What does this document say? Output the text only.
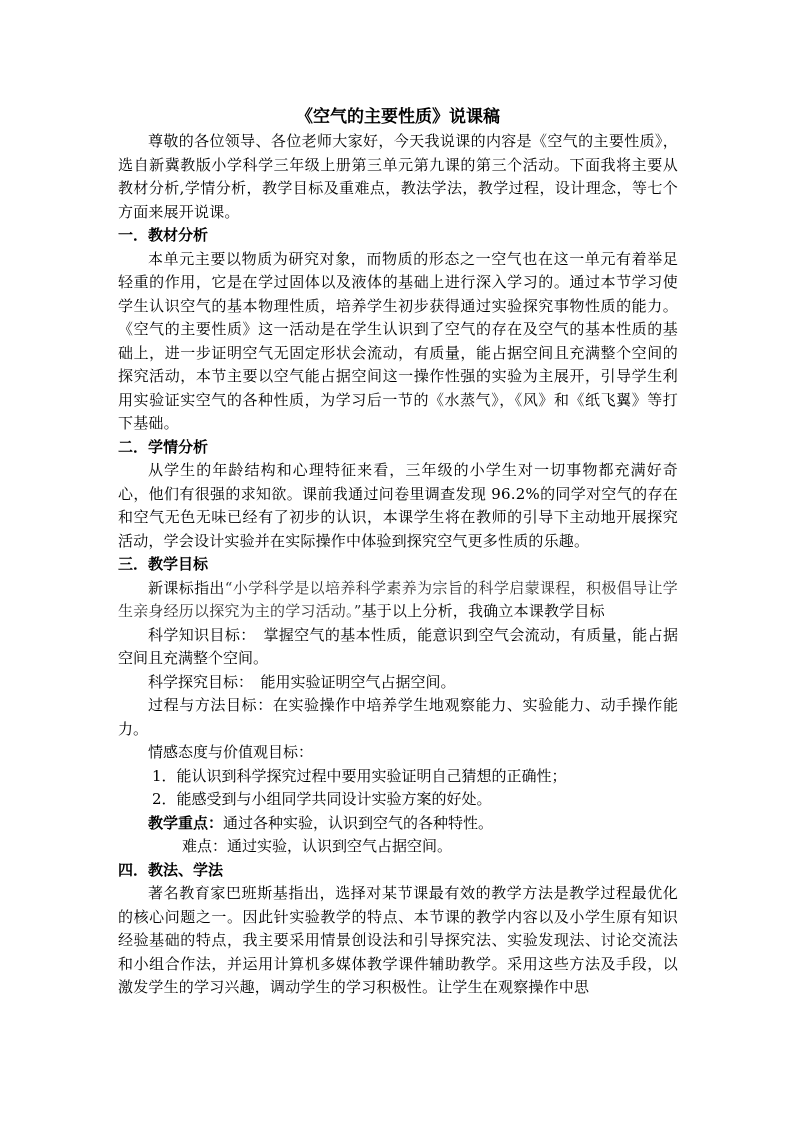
《空气的主要性质》说课稿

尊敬的各位领导、各位老师大家好，今天我说课的内容是《空气的主要性质》，选自新冀教版小学科学三年级上册第三单元第九课的第三个活动。下面我将主要从教材分析,学情分析，教学目标及重难点，教法学法，教学过程，设计理念，等七个方面来展开说课。

一．教材分析

本单元主要以物质为研究对象，而物质的形态之一空气也在这一单元有着举足轻重的作用，它是在学过固体以及液体的基础上进行深入学习的。通过本节学习使学生认识空气的基本物理性质，培养学生初步获得通过实验探究事物性质的能力。《空气的主要性质》这一活动是在学生认识到了空气的存在及空气的基本性质的基础上，进一步证明空气无固定形状会流动，有质量，能占据空间且充满整个空间的探究活动，本节主要以空气能占据空间这一操作性强的实验为主展开，引导学生利用实验证实空气的各种性质，为学习后一节的《水蒸气》，《风》和《纸飞翼》等打下基础。

二．学情分析

从学生的年龄结构和心理特征来看，三年级的小学生对一切事物都充满好奇心，他们有很强的求知欲。课前我通过问卷里调查发现 96.2%的同学对空气的存在和空气无色无味已经有了初步的认识，本课学生将在教师的引导下主动地开展探究活动，学会设计实验并在实际操作中体验到探究空气更多性质的乐趣。

三．教学目标

新课标指出“小学科学是以培养科学素养为宗旨的科学启蒙课程，积极倡导让学生亲身经历以探究为主的学习活动。”基于以上分析，我确立本课教学目标

科学知识目标：　掌握空气的基本性质，能意识到空气会流动，有质量，能占据空间且充满整个空间。

科学探究目标：　能用实验证明空气占据空间。

过程与方法目标：在实验操作中培养学生地观察能力、实验能力、动手操作能力。

情感态度与价值观目标：

1．能认识到科学探究过程中要用实验证明自己猜想的正确性；

2．能感受到与小组同学共同设计实验方案的好处。

教学重点：通过各种实验，认识到空气的各种特性。

难点：通过实验，认识到空气占据空间。

四．教法、学法

著名教育家巴班斯基指出，选择对某节课最有效的教学方法是教学过程最优化的核心问题之一。因此针实验教学的特点、本节课的教学内容以及小学生原有知识经验基础的特点，我主要采用情景创设法和引导探究法、实验发现法、讨论交流法和小组合作法，并运用计算机多媒体教学课件辅助教学。采用这些方法及手段，以激发学生的学习兴趣，调动学生的学习积极性。让学生在观察操作中思
